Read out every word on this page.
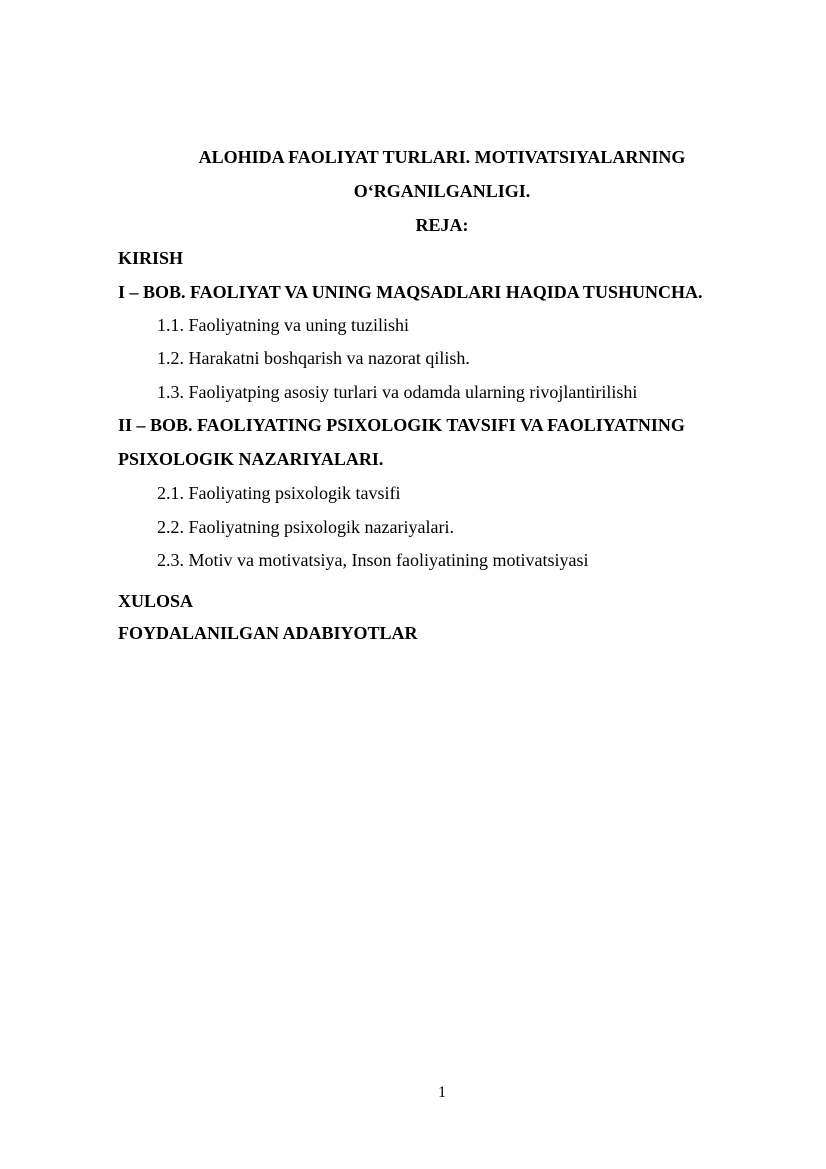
ALOHIDA FAOLIYAT TURLARI. MOTIVATSIYALARNING
O‘RGANILGANLIGI.
REJA:
KIRISH
I – BOB. FAOLIYAT VA UNING MAQSADLARI HAQIDA TUSHUNCHA.
1.1. Faoliyatning va uning tuzilishi
1.2. Harakatni boshqarish va nazorat qilish.
1.3. Faoliyatping asosiy turlari va odamda ularning rivojlantirilishi
II – BOB. FAOLIYATING PSIXOLOGIK TAVSIFI VA FAOLIYATNING
PSIXOLOGIK NAZARIYALARI.
2.1. Faoliyating psixologik tavsifi
2.2. Faoliyatning psixologik nazariyalari.
2.3. Motiv va motivatsiya, Inson faoliyatining motivatsiyasi
XULOSA
FOYDALANILGAN ADABIYOTLAR
1
